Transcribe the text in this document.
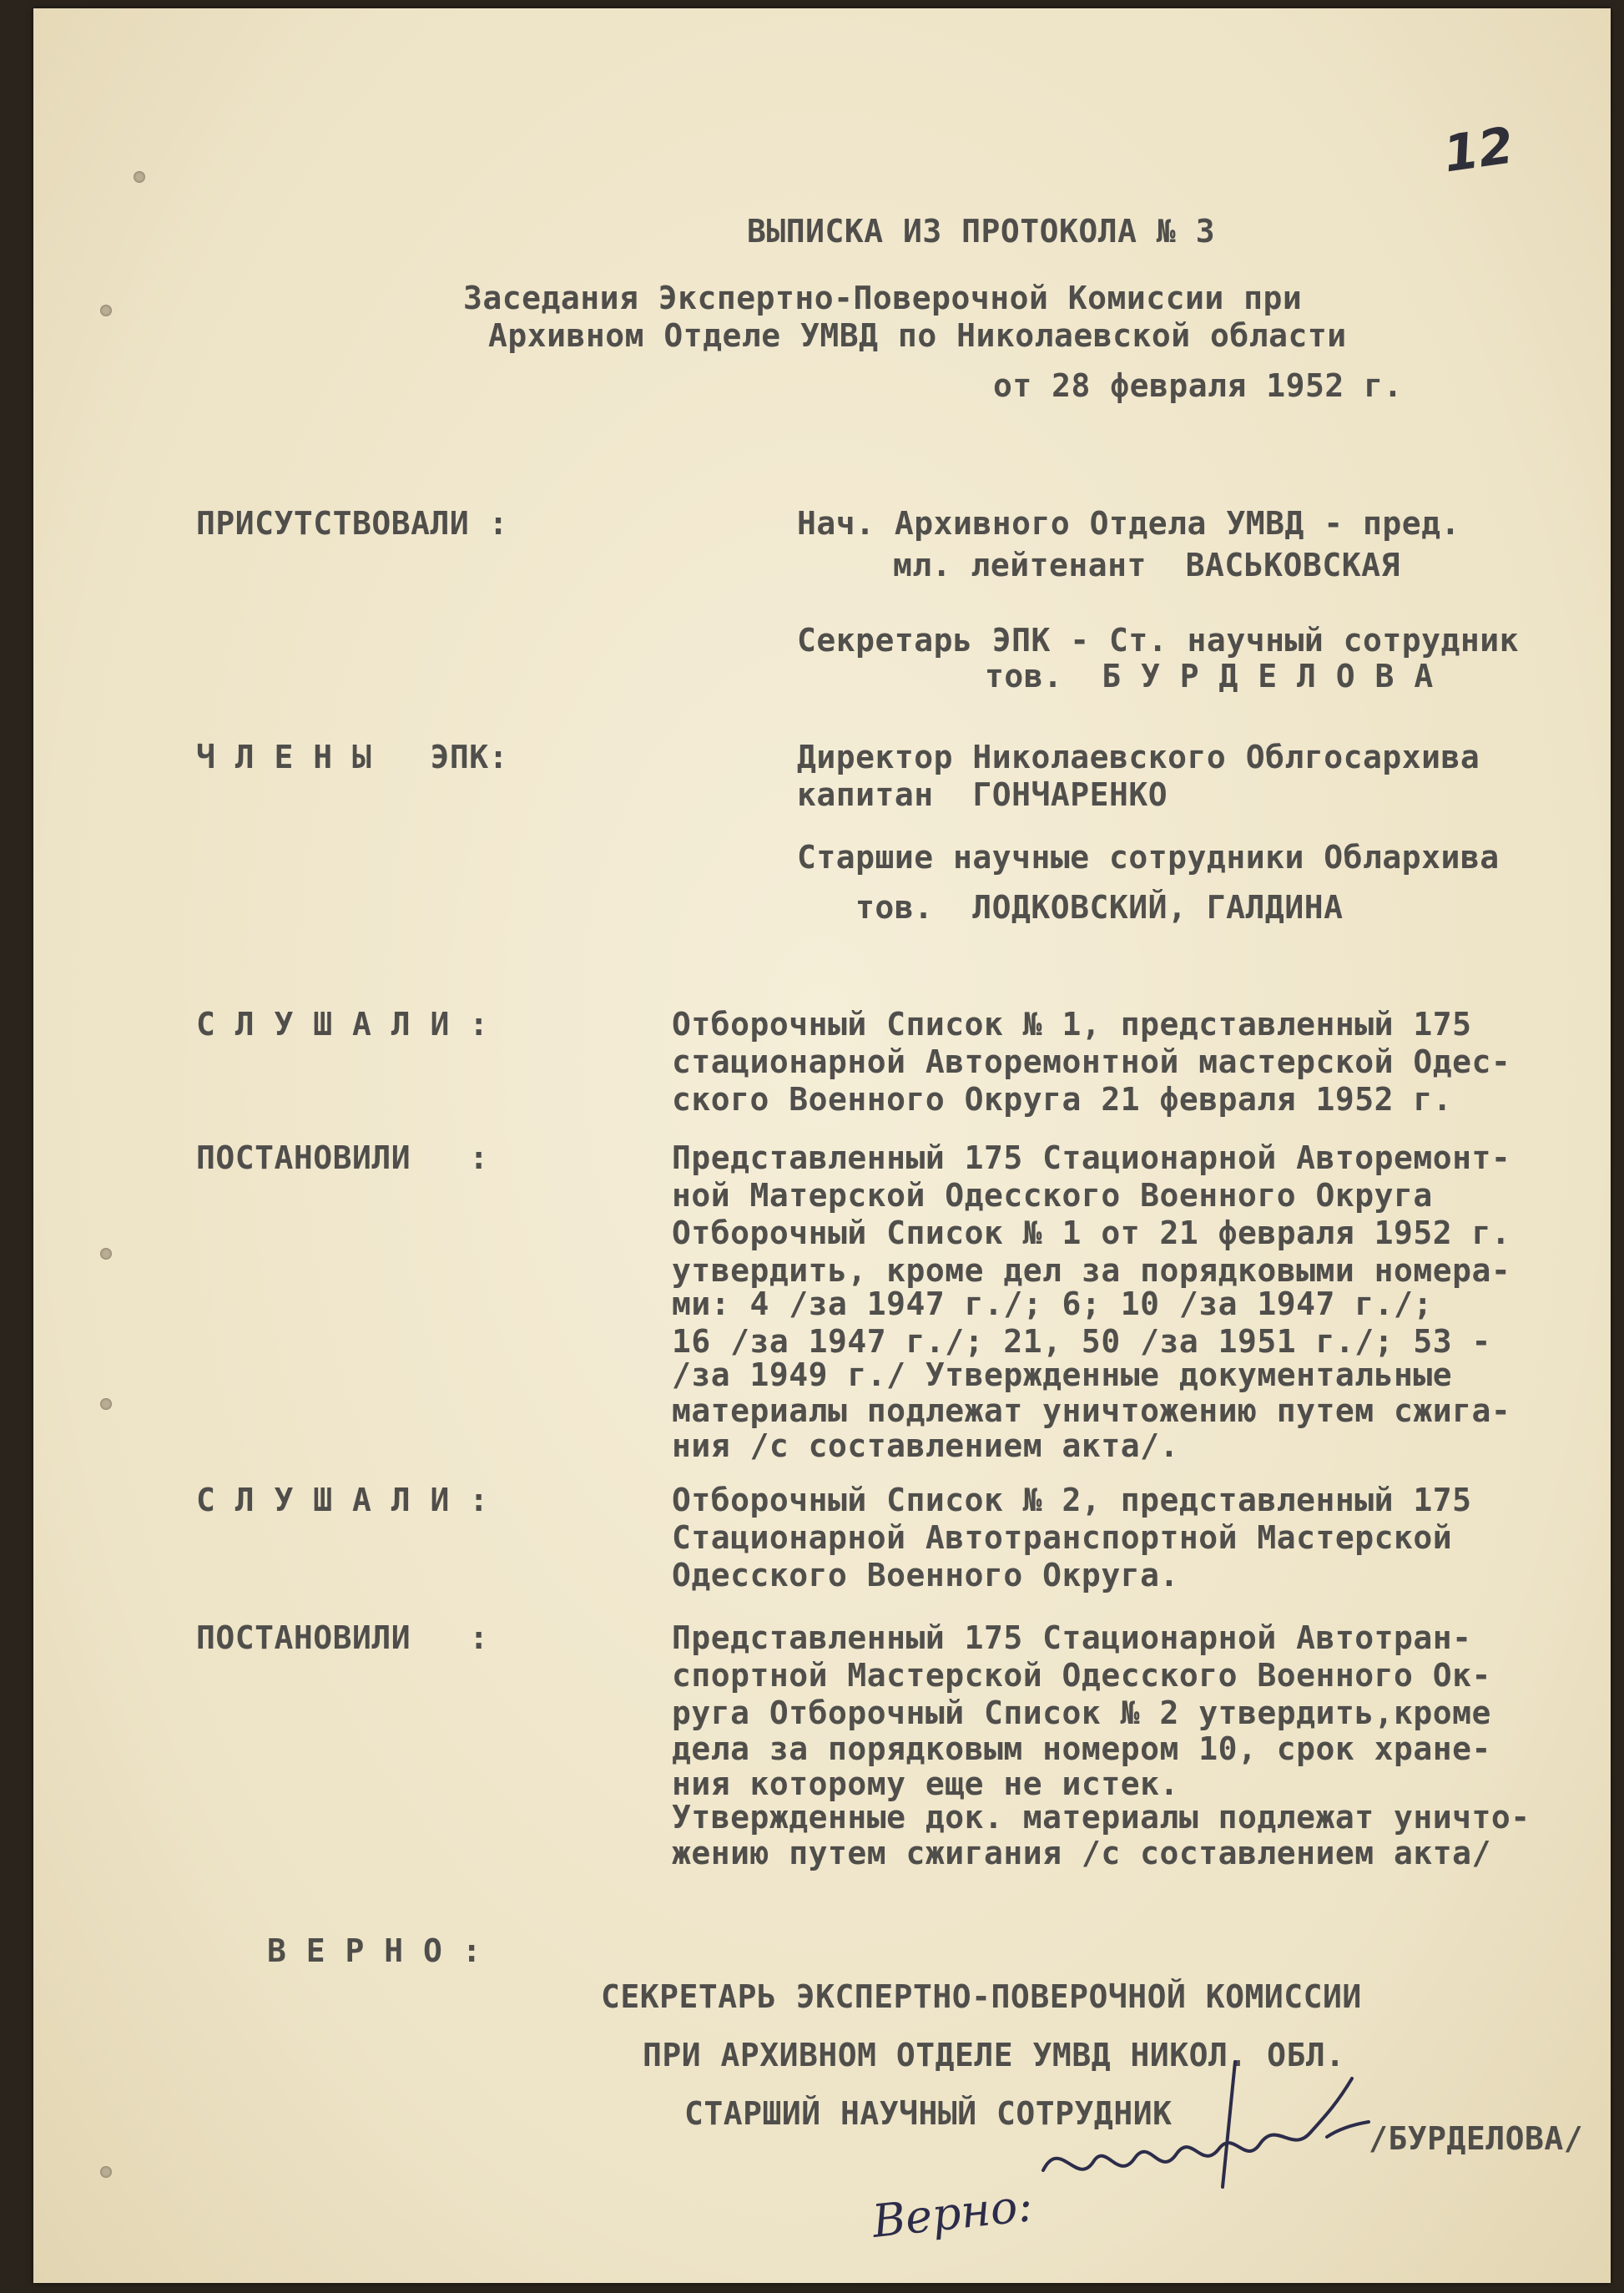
12
ВЫПИСКА ИЗ ПРОТОКОЛА № 3
Заседания Экспертно-Поверочной Комиссии при
Архивном Отделе УМВД по Николаевской области
от 28 февраля 1952 г.
ПРИСУТСТВОВАЛИ :	Нач. Архивного Отдела УМВД - пред.
мл. лейтенант  ВАСЬКОВСКАЯ
Секретарь ЭПК - Ст. научный сотрудник
тов.  Б У Р Д Е Л О В А
Ч Л Е Н Ы   ЭПК:	Директор Николаевского Облгосархива
капитан  ГОНЧАРЕНКО
Старшие научные сотрудники Облархива
тов.  ЛОДКОВСКИЙ, ГАЛДИНА
С Л У Ш А Л И :	Отборочный Список № 1, представленный 175
стационарной Авторемонтной мастерской Одес-
ского Военного Округа 21 февраля 1952 г.
ПОСТАНОВИЛИ   :	Представленный 175 Стационарной Авторемонт-
ной Матерской Одесского Военного Округа
Отборочный Список № 1 от 21 февраля 1952 г.
утвердить, кроме дел за порядковыми номера-
ми: 4 /за 1947 г./; 6; 10 /за 1947 г./;
16 /за 1947 г./; 21, 50 /за 1951 г./; 53 -
/за 1949 г./ Утвержденные документальные
материалы подлежат уничтожению путем сжига-
ния /с составлением акта/.
С Л У Ш А Л И :	Отборочный Список № 2, представленный 175
Стационарной Автотранспортной Мастерской
Одесского Военного Округа.
ПОСТАНОВИЛИ   :	Представленный 175 Стационарной Автотран-
спортной Мастерской Одесского Военного Ок-
руга Отборочный Список № 2 утвердить,кроме
дела за порядковым номером 10, срок хране-
ния которому еще не истек.
Утвержденные док. материалы подлежат уничто-
жению путем сжигания /с составлением акта/
В Е Р Н О :
СЕКРЕТАРЬ ЭКСПЕРТНО-ПОВЕРОЧНОЙ КОМИССИИ
ПРИ АРХИВНОМ ОТДЕЛЕ УМВД НИКОЛ. ОБЛ.
СТАРШИЙ НАУЧНЫЙ СОТРУДНИК
/БУРДЕЛОВА/
Верно:
